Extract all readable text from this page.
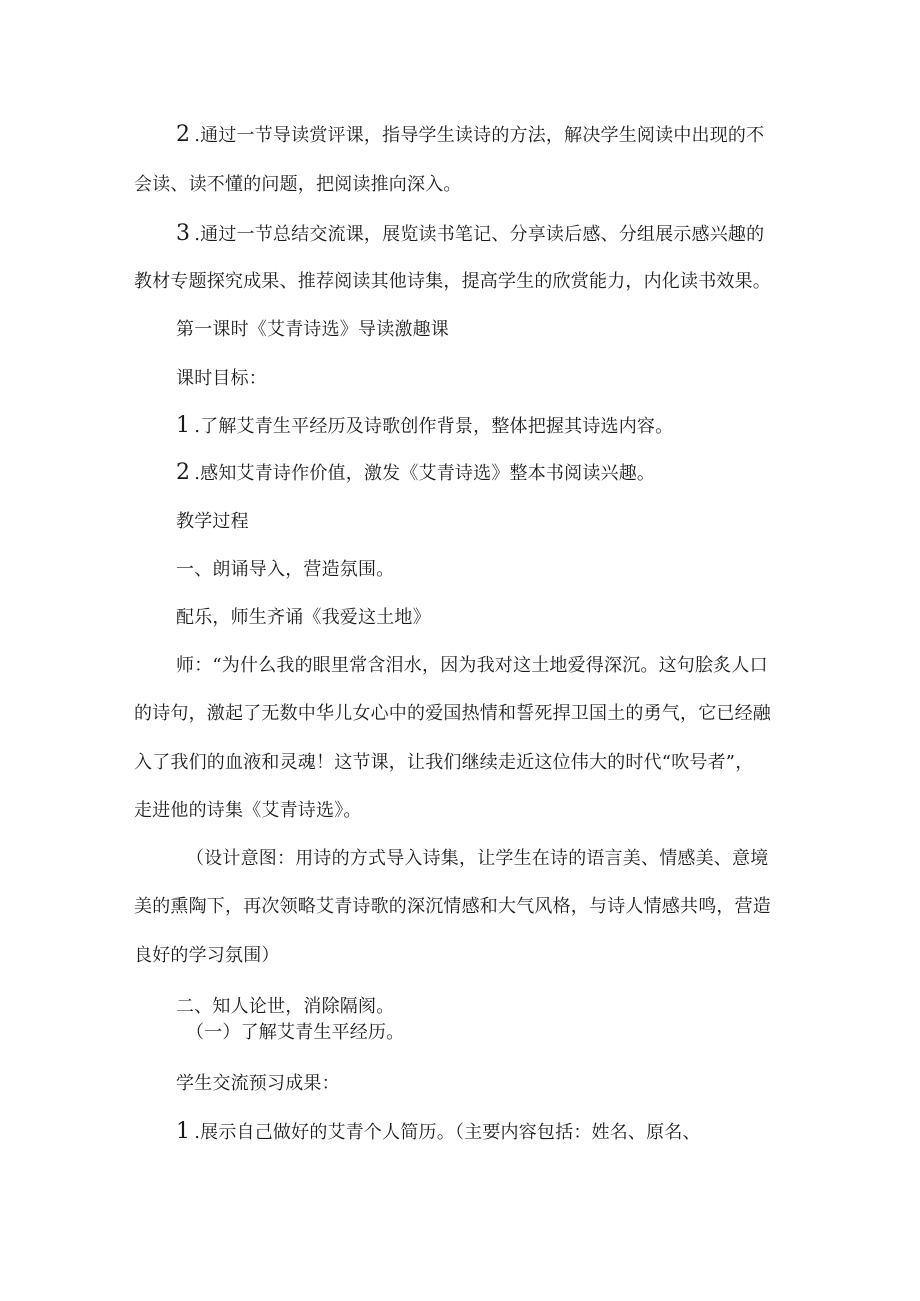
2 .通过一节导读赏评课，指导学生读诗的方法，解决学生阅读中出现的不
会读、读不懂的问题，把阅读推向深入。
3 .通过一节总结交流课，展览读书笔记、分享读后感、分组展示感兴趣的
教材专题探究成果、推荐阅读其他诗集，提高学生的欣赏能力，内化读书效果。
第一课时《艾青诗选》导读激趣课
课时目标：
1 .了解艾青生平经历及诗歌创作背景，整体把握其诗选内容。
2 .感知艾青诗作价值，激发《艾青诗选》整本书阅读兴趣。
教学过程
一、朗诵导入，营造氛围。
配乐，师生齐诵《我爱这土地》
师：“为什么我的眼里常含泪水，因为我对这土地爱得深沉。这句脍炙人口
的诗句，激起了无数中华儿女心中的爱国热情和誓死捍卫国土的勇气，它已经融
入了我们的血液和灵魂！这节课，让我们继续走近这位伟大的时代“吹号者”，
走进他的诗集《艾青诗选》。
（设计意图：用诗的方式导入诗集，让学生在诗的语言美、情感美、意境
美的熏陶下，再次领略艾青诗歌的深沉情感和大气风格，与诗人情感共鸣，营造
良好的学习氛围）
二、知人论世，消除隔阂。
（一）了解艾青生平经历。
学生交流预习成果：
1 .展示自己做好的艾青个人简历。（主要内容包括：姓名、原名、
